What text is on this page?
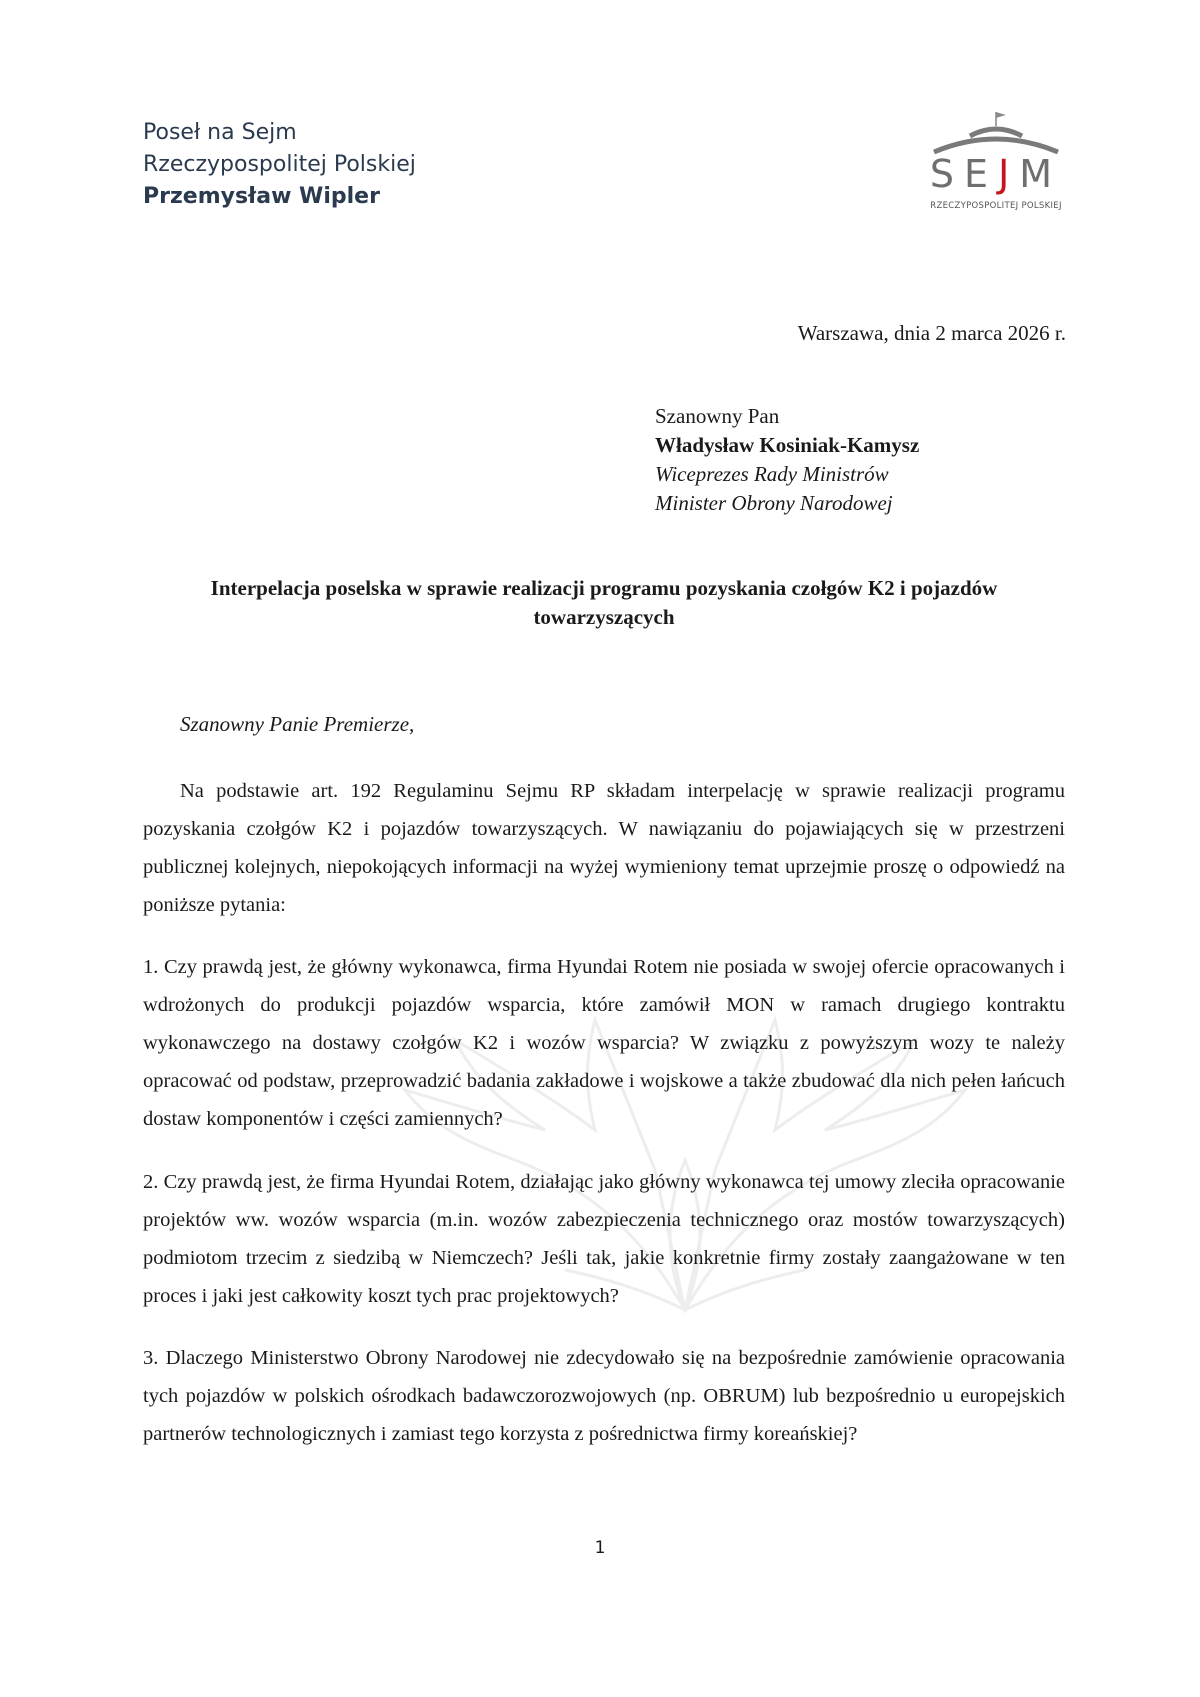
Poseł na Sejm
Rzeczypospolitej Polskiej
Przemysław Wipler
SEJM
RZECZYPOSPOLITEJ POLSKIEJ
Warszawa, dnia 2 marca 2026 r.
Szanowny Pan
Władysław Kosiniak-Kamysz
Wiceprezes Rady Ministrów
Minister Obrony Narodowej
Interpelacja poselska w sprawie realizacji programu pozyskania czołgów K2 i pojazdów towarzyszących
Szanowny Panie Premierze,

Na podstawie art. 192 Regulaminu Sejmu RP składam interpelację w sprawie realizacji programu pozyskania czołgów K2 i pojazdów towarzyszących. W nawiązaniu do pojawiających się w przestrzeni publicznej kolejnych, niepokojących informacji na wyżej wymieniony temat uprzejmie proszę o odpowiedź na poniższe pytania:

1. Czy prawdą jest, że główny wykonawca, firma Hyundai Rotem nie posiada w swojej ofercie opracowanych i wdrożonych do produkcji pojazdów wsparcia, które zamówił MON w ramach drugiego kontraktu wykonawczego na dostawy czołgów K2 i wozów wsparcia? W związku z powyższym wozy te należy opracować od podstaw, przeprowadzić badania zakładowe i wojskowe a także zbudować dla nich pełen łańcuch dostaw komponentów i części zamiennych?

2. Czy prawdą jest, że firma Hyundai Rotem, działając jako główny wykonawca tej umowy zleciła opracowanie projektów ww. wozów wsparcia (m.in. wozów zabezpieczenia technicznego oraz mostów towarzyszących) podmiotom trzecim z siedzibą w Niemczech? Jeśli tak, jakie konkretnie firmy zostały zaangażowane w ten proces i jaki jest całkowity koszt tych prac projektowych?

3. Dlaczego Ministerstwo Obrony Narodowej nie zdecydowało się na bezpośrednie zamówienie opracowania tych pojazdów w polskich ośrodkach badawczorozwojowych (np. OBRUM) lub bezpośrednio u europejskich partnerów technologicznych i zamiast tego korzysta z pośrednictwa firmy koreańskiej?

1
